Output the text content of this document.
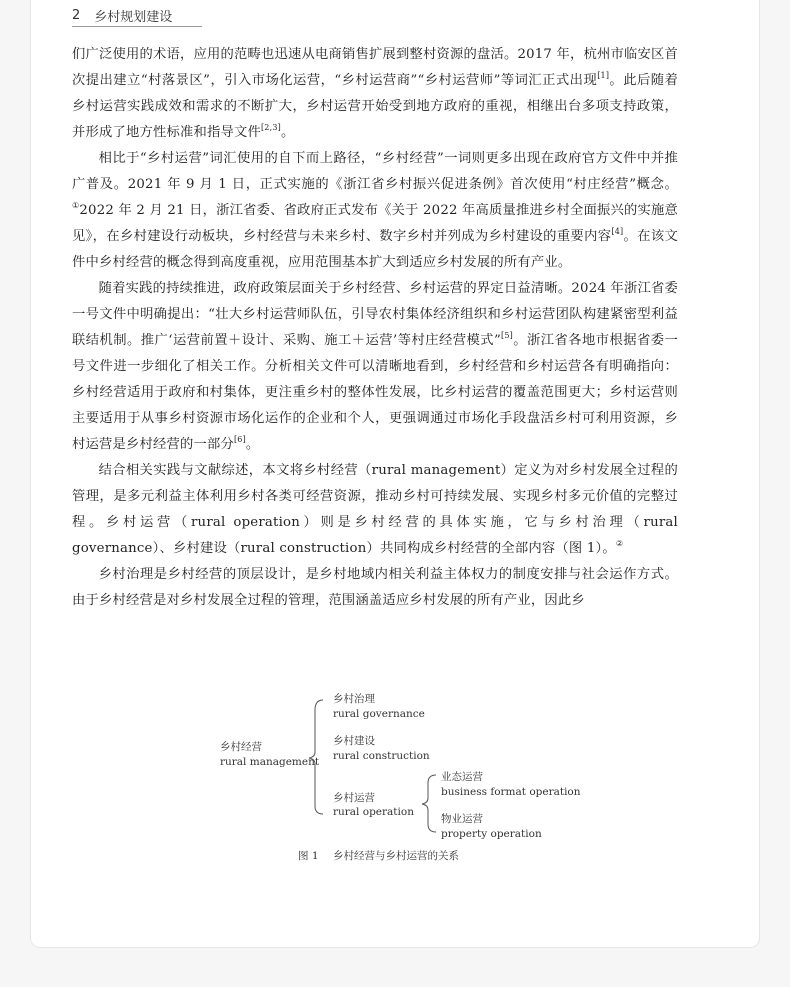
2 乡村规划建设

们广泛使用的术语，应用的范畴也迅速从电商销售扩展到整村资源的盘活。2017 年，杭州市临安区首次提出建立“村落景区”，引入市场化运营，“乡村运营商”“乡村运营师”等词汇正式出现[1]。此后随着乡村运营实践成效和需求的不断扩大，乡村运营开始受到地方政府的重视，相继出台多项支持政策，并形成了地方性标准和指导文件[2,3]。

相比于“乡村运营”词汇使用的自下而上路径，“乡村经营”一词则更多出现在政府官方文件中并推广普及。2021 年 9 月 1 日，正式实施的《浙江省乡村振兴促进条例》首次使用“村庄经营”概念。①2022 年 2 月 21 日，浙江省委、省政府正式发布《关于 2022 年高质量推进乡村全面振兴的实施意见》，在乡村建设行动板块，乡村经营与未来乡村、数字乡村并列成为乡村建设的重要内容[4]。在该文件中乡村经营的概念得到高度重视，应用范围基本扩大到适应乡村发展的所有产业。

随着实践的持续推进，政府政策层面关于乡村经营、乡村运营的界定日益清晰。2024 年浙江省委一号文件中明确提出：“壮大乡村运营师队伍，引导农村集体经济组织和乡村运营团队构建紧密型利益联结机制。推广‘运营前置＋设计、采购、施工＋运营’等村庄经营模式”[5]。浙江省各地市根据省委一号文件进一步细化了相关工作。分析相关文件可以清晰地看到，乡村经营和乡村运营各有明确指向：乡村经营适用于政府和村集体，更注重乡村的整体性发展，比乡村运营的覆盖范围更大；乡村运营则主要适用于从事乡村资源市场化运作的企业和个人，更强调通过市场化手段盘活乡村可利用资源，乡村运营是乡村经营的一部分[6]。

结合相关实践与文献综述，本文将乡村经营（rural management）定义为对乡村发展全过程的管理，是多元利益主体利用乡村各类可经营资源，推动乡村可持续发展、实现乡村多元价值的完整过程。乡村运营（rural operation）则是乡村经营的具体实施，它与乡村治理（rural governance）、乡村建设（rural construction）共同构成乡村经营的全部内容（图 1）。②

乡村治理是乡村经营的顶层设计，是乡村地域内相关利益主体权力的制度安排与社会运作方式。由于乡村经营是对乡村发展全过程的管理，范围涵盖适应乡村发展的所有产业，因此乡

乡村经营
rural management
乡村治理
rural governance
乡村建设
rural construction
乡村运营
rural operation
业态运营
business format operation
物业运营
property operation
图 1 乡村经营与乡村运营的关系
